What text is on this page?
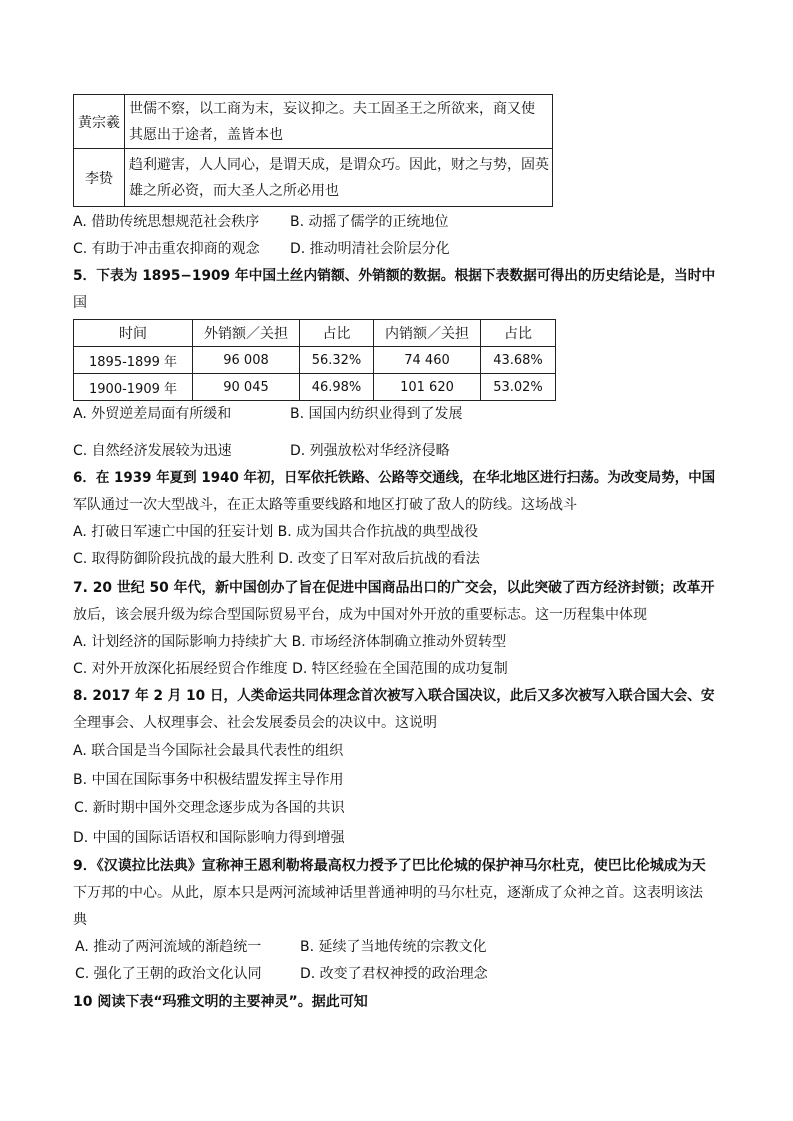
黄宗羲	世儒不察，以工商为末，妄议抑之。夫工固圣王之所欲来，商又使
其愿出于途者，盖皆本也

李贽	趋利避害，人人同心，是谓天成，是谓众巧。因此，财之与势，固英
雄之所必资，而大圣人之所必用也
A. 借助传统思想规范社会秩序 B. 动摇了儒学的正统地位
C. 有助于冲击重农抑商的观念 D. 推动明清社会阶层分化
5．下表为 1895−1909 年中国土丝内销额、外销额的数据。根据下表数据可得出的历史结论是，当时中
国
时间	外销额／关担	占比	内销额／关担	占比
1895-1899 年	96 008	56.32%	74 460	43.68%
1900-1909 年	90 045	46.98%	101 620	53.02%
A. 外贸逆差局面有所缓和	B. 国国内纺织业得到了发展
C. 自然经济发展较为迅速	D. 列强放松对华经济侵略
6．在 1939 年夏到 1940 年初，日军依托铁路、公路等交通线，在华北地区进行扫荡。为改变局势，中国
军队通过一次大型战斗，在正太路等重要线路和地区打破了敌人的防线。这场战斗
A. 打破日军速亡中国的狂妄计划 B. 成为国共合作抗战的典型战役
C. 取得防御阶段抗战的最大胜利 D. 改变了日军对敌后抗战的看法
7. 20 世纪 50 年代，新中国创办了旨在促进中国商品出口的广交会，以此突破了西方经济封锁；改革开
放后，该会展升级为综合型国际贸易平台，成为中国对外开放的重要标志。这一历程集中体现
A. 计划经济的国际影响力持续扩大 B. 市场经济体制确立推动外贸转型
C. 对外开放深化拓展经贸合作维度 D. 特区经验在全国范围的成功复制
8. 2017 年 2 月 10 日，人类命运共同体理念首次被写入联合国决议，此后又多次被写入联合国大会、安
全理事会、人权理事会、社会发展委员会的决议中。这说明
A. 联合国是当今国际社会最具代表性的组织
B. 中国在国际事务中积极结盟发挥主导作用
C. 新时期中国外交理念逐步成为各国的共识
D. 中国的国际话语权和国际影响力得到增强
9．《汉谟拉比法典》宣称神王恩利勒将最高权力授予了巴比伦城的保护神马尔杜克，使巴比伦城成为天
下万邦的中心。从此，原本只是两河流域神话里普通神明的马尔杜克，逐渐成了众神之首。这表明该法
典
A. 推动了两河流域的渐趋统一	B. 延续了当地传统的宗教文化
C. 强化了王朝的政治文化认同	D. 改变了君权神授的政治理念
10 阅读下表“玛雅文明的主要神灵”。据此可知
